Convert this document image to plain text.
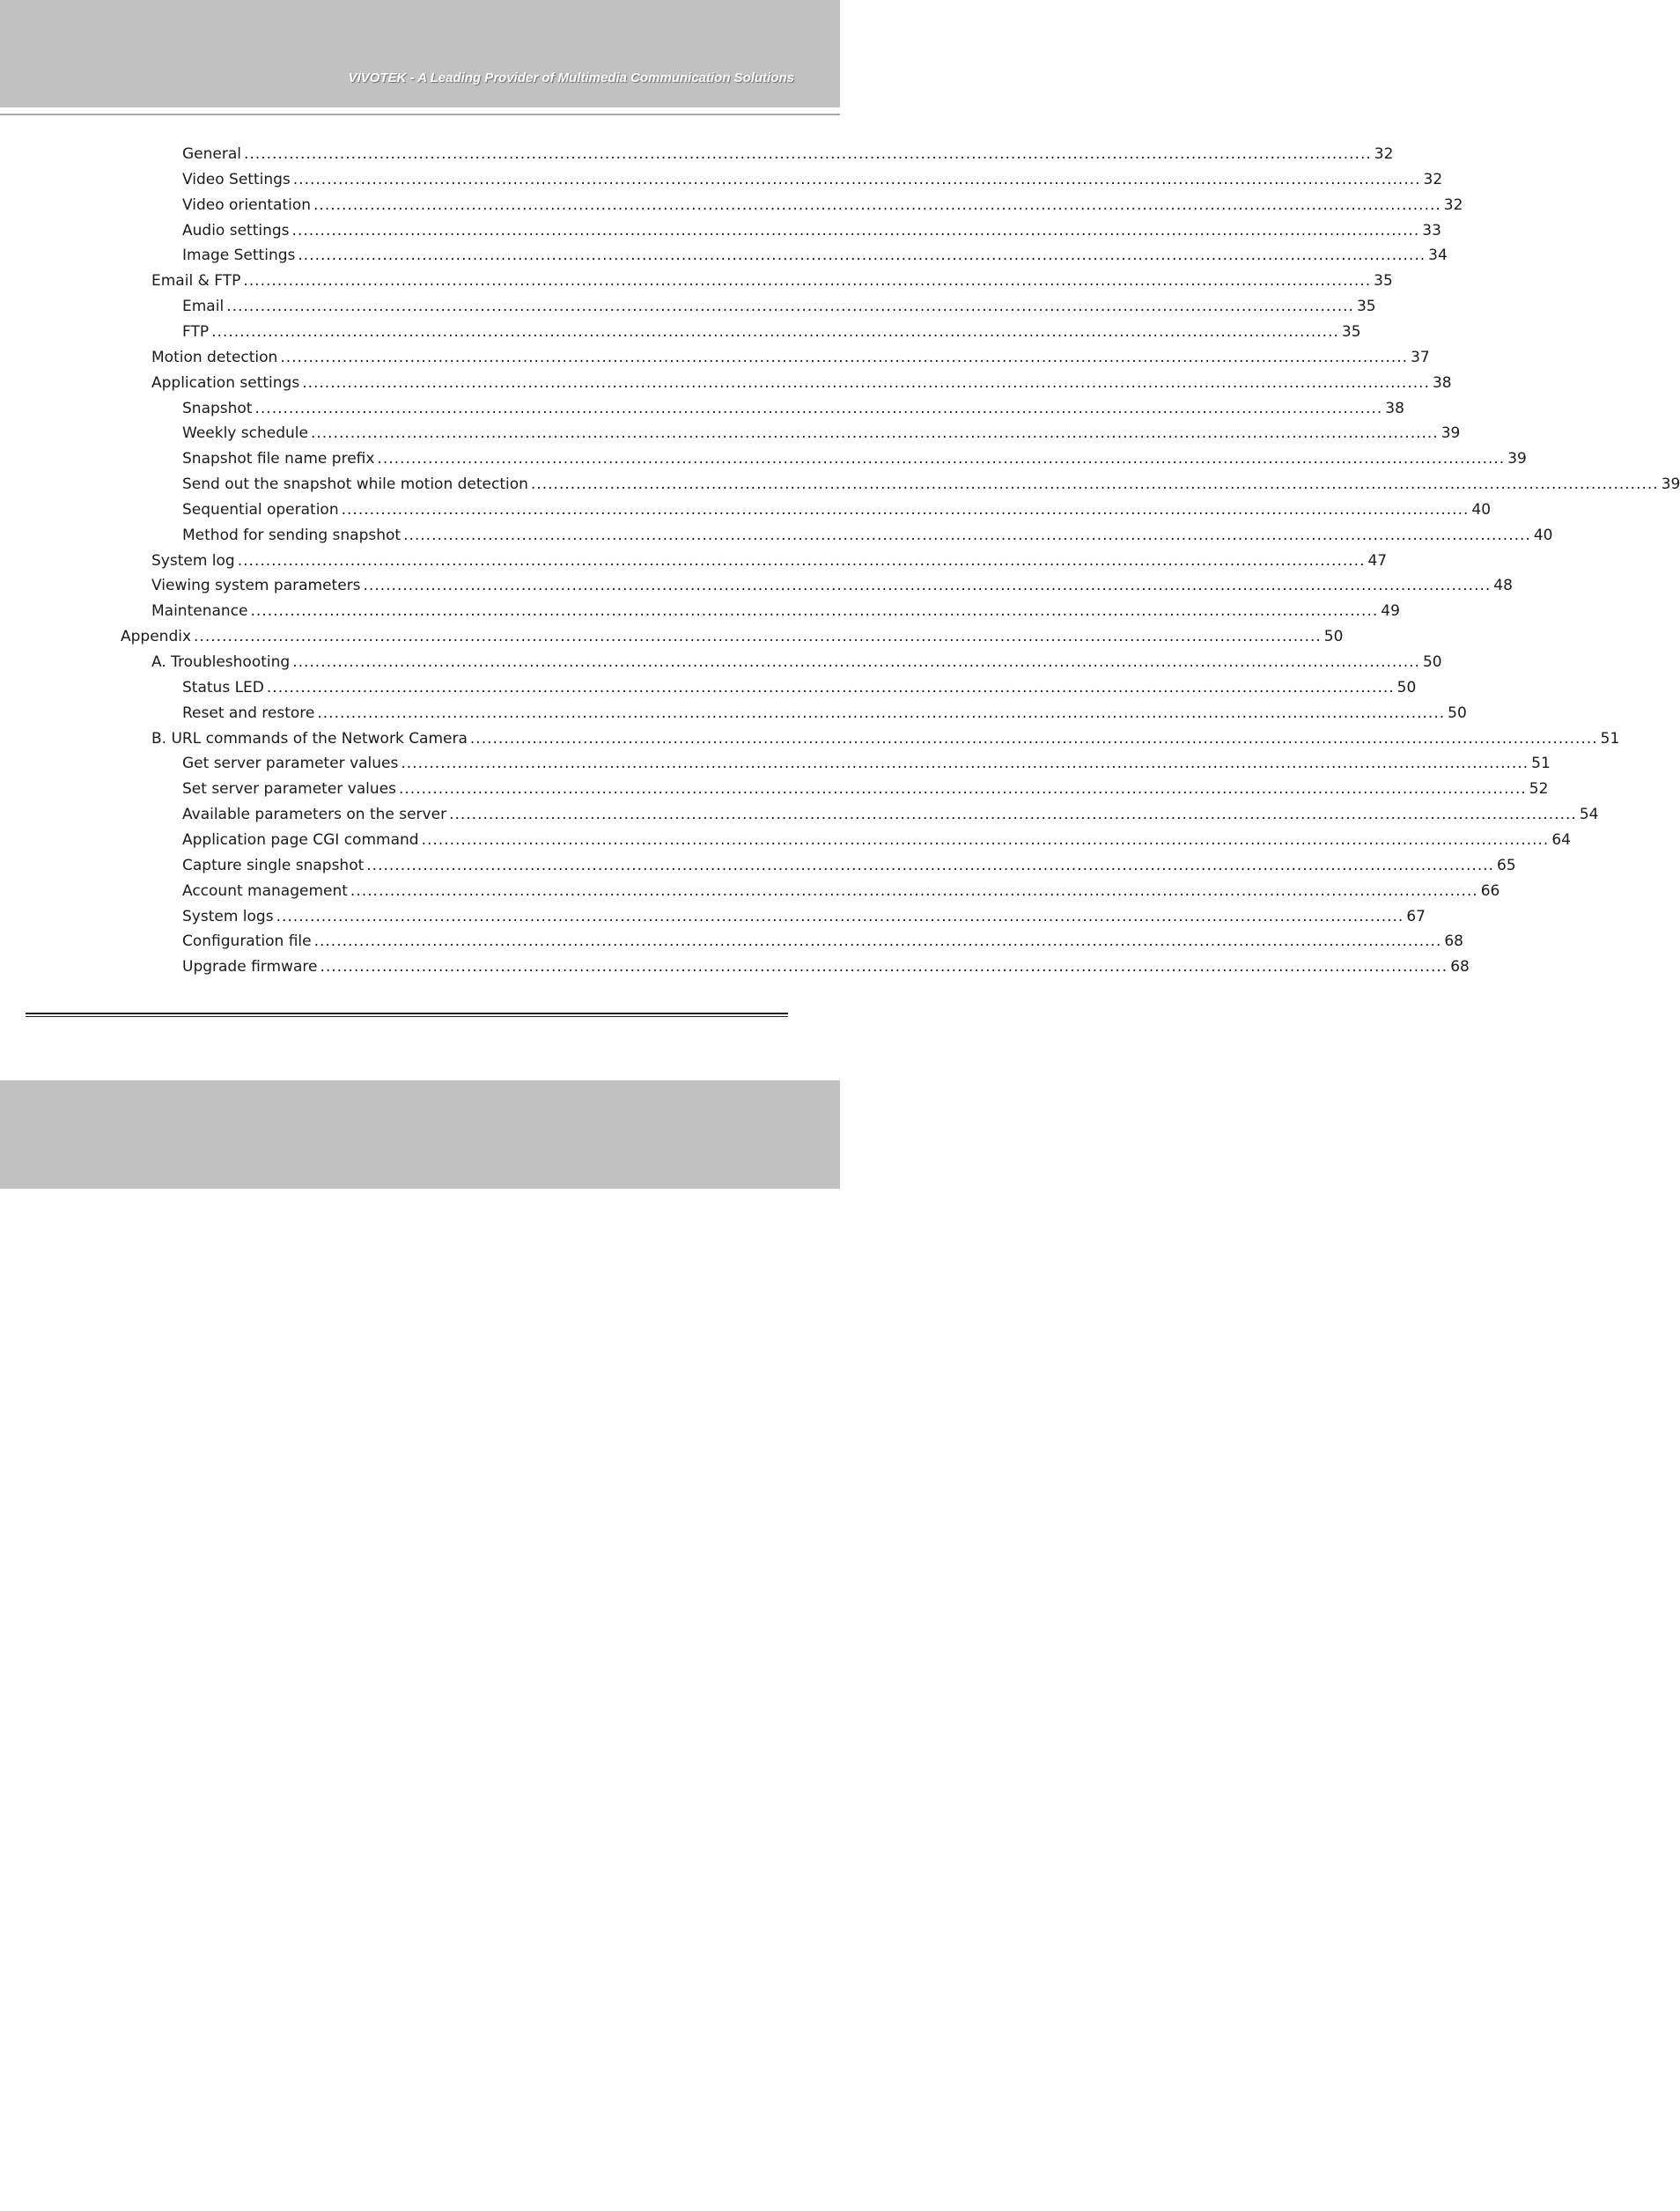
VIVOTEK - A Leading Provider of Multimedia Communication Solutions
General ........................................................................................................................................................................................................ 32
Video Settings ........................................................................................................................................................................................................ 32
Video orientation ........................................................................................................................................................................................................ 32
Audio settings ........................................................................................................................................................................................................ 33
Image Settings ........................................................................................................................................................................................................ 34
Email & FTP ........................................................................................................................................................................................................ 35
Email ........................................................................................................................................................................................................ 35
FTP ........................................................................................................................................................................................................ 35
Motion detection ........................................................................................................................................................................................................ 37
Application settings ........................................................................................................................................................................................................ 38
Snapshot ........................................................................................................................................................................................................ 38
Weekly schedule ........................................................................................................................................................................................................ 39
Snapshot file name prefix ........................................................................................................................................................................................................ 39
Send out the snapshot while motion detection ........................................................................................................................................................................................................ 39
Sequential operation ........................................................................................................................................................................................................ 40
Method for sending snapshot ........................................................................................................................................................................................................ 40
System log ........................................................................................................................................................................................................ 47
Viewing system parameters ........................................................................................................................................................................................................ 48
Maintenance ........................................................................................................................................................................................................ 49
Appendix ........................................................................................................................................................................................................ 50
A. Troubleshooting ........................................................................................................................................................................................................ 50
Status LED ........................................................................................................................................................................................................ 50
Reset and restore ........................................................................................................................................................................................................ 50
B. URL commands of the Network Camera ........................................................................................................................................................................................................ 51
Get server parameter values ........................................................................................................................................................................................................ 51
Set server parameter values ........................................................................................................................................................................................................ 52
Available parameters on the server ........................................................................................................................................................................................................ 54
Application page CGI command ........................................................................................................................................................................................................ 64
Capture single snapshot ........................................................................................................................................................................................................ 65
Account management ........................................................................................................................................................................................................ 66
System logs ........................................................................................................................................................................................................ 67
Configuration file ........................................................................................................................................................................................................ 68
Upgrade firmware ........................................................................................................................................................................................................ 68
User's Manual - 4
